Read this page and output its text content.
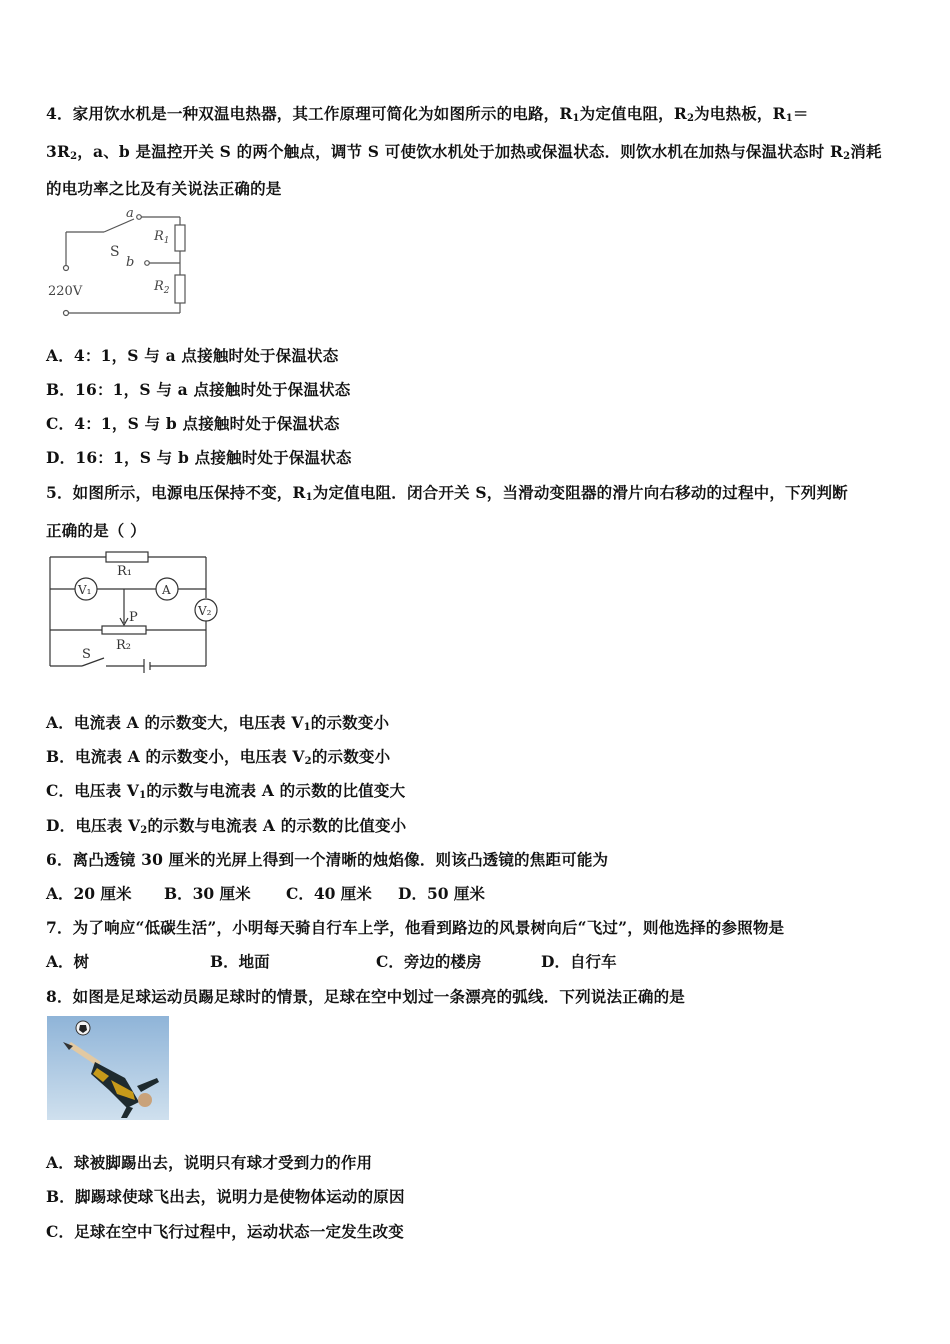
4．家用饮水机是一种双温电热器，其工作原理可简化为如图所示的电路，$R_1$为定值电阻，$R_2$为电热板，$R_1=$
$3R_2$，a、b 是温控开关 S 的两个触点，调节 S 可使饮水机处于加热或保温状态．则饮水机在加热与保温状态时 $R_2$消耗
的电功率之比及有关说法正确的是
a
S
b
$R_1$
$R_2$
220V
A．4：1，S 与 a 点接触时处于保温状态
B．16：1，S 与 a 点接触时处于保温状态
C．4：1，S 与 b 点接触时处于保温状态
D．16：1，S 与 b 点接触时处于保温状态
5．如图所示，电源电压保持不变，$R_1$为定值电阻．闭合开关 S，当滑动变阻器的滑片向右移动的过程中，下列判断
正确的是（ ）
R₁
V₁	A
V₂
P
R₂
S
A．电流表 A 的示数变大，电压表 $V_1$的示数变小
B．电流表 A 的示数变小，电压表 $V_2$的示数变小
C．电压表 $V_1$的示数与电流表 A 的示数的比值变大
D．电压表 $V_2$的示数与电流表 A 的示数的比值变小
6．离凸透镜 30 厘米的光屏上得到一个清晰的烛焰像．则该凸透镜的焦距可能为
A．20 厘米 B．30 厘米 C．40 厘米 D．50 厘米
7．为了响应“低碳生活”，小明每天骑自行车上学，他看到路边的风景树向后“飞过”，则他选择的参照物是
A．树	B．地面	C．旁边的楼房	D．自行车
8．如图是足球运动员踢足球时的情景，足球在空中划过一条漂亮的弧线．下列说法正确的是
A．球被脚踢出去，说明只有球才受到力的作用
B．脚踢球使球飞出去，说明力是使物体运动的原因
C．足球在空中飞行过程中，运动状态一定发生改变
